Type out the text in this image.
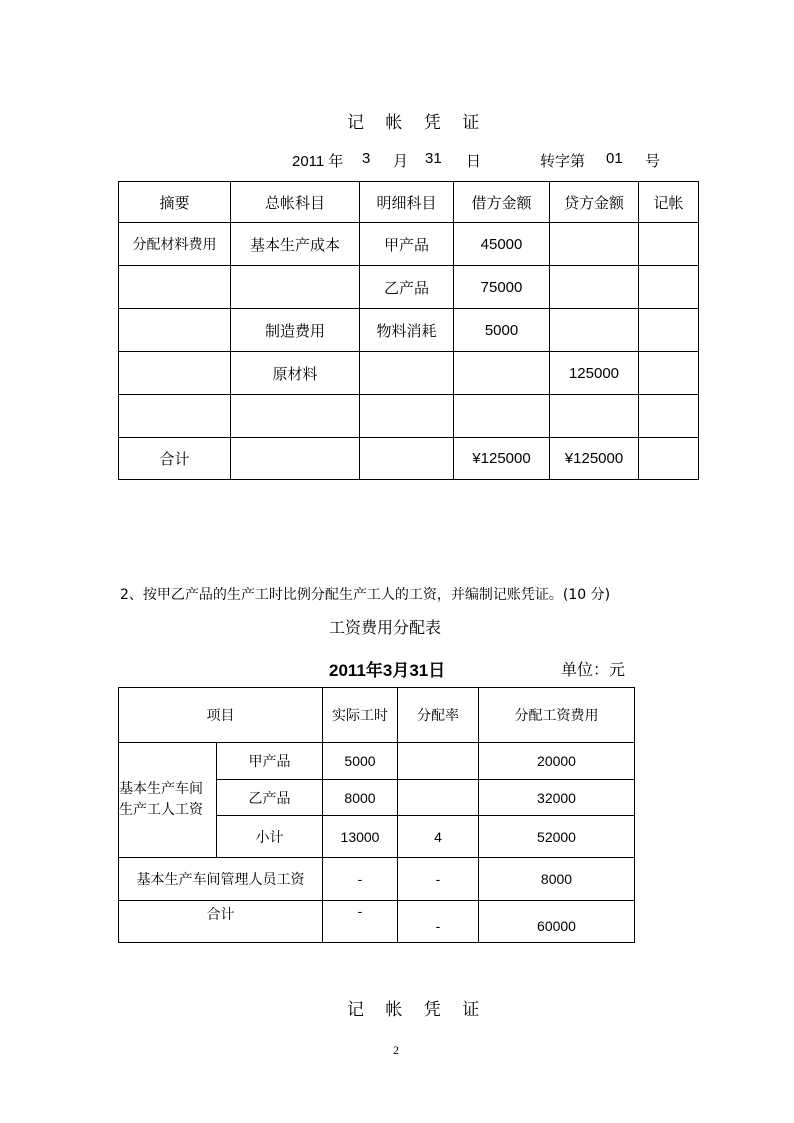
记 帐 凭 证
2011 年 3 月 31 日	转字第 01 号
摘要	总帐科目	明细科目	借方金额	贷方金额	记帐
分配材料费用	基本生产成本	甲产品	45000		
		乙产品	75000		
	制造费用	物料消耗	5000		
	原材料			125000	

合计			¥125000	¥125000	
2、按甲乙产品的生产工时比例分配生产工人的工资，并编制记账凭证。(10 分)
工资费用分配表
2011年3月31日	单位：元
项目		实际工时	分配率	分配工资费用

基本生产车间
生产工人工资	甲产品	5000		20000
	乙产品	8000		32000
	小计	13000	4	52000
基本生产车间管理人员工资		-	-	8000
合计		-	-	60000
记 帐 凭 证
2
